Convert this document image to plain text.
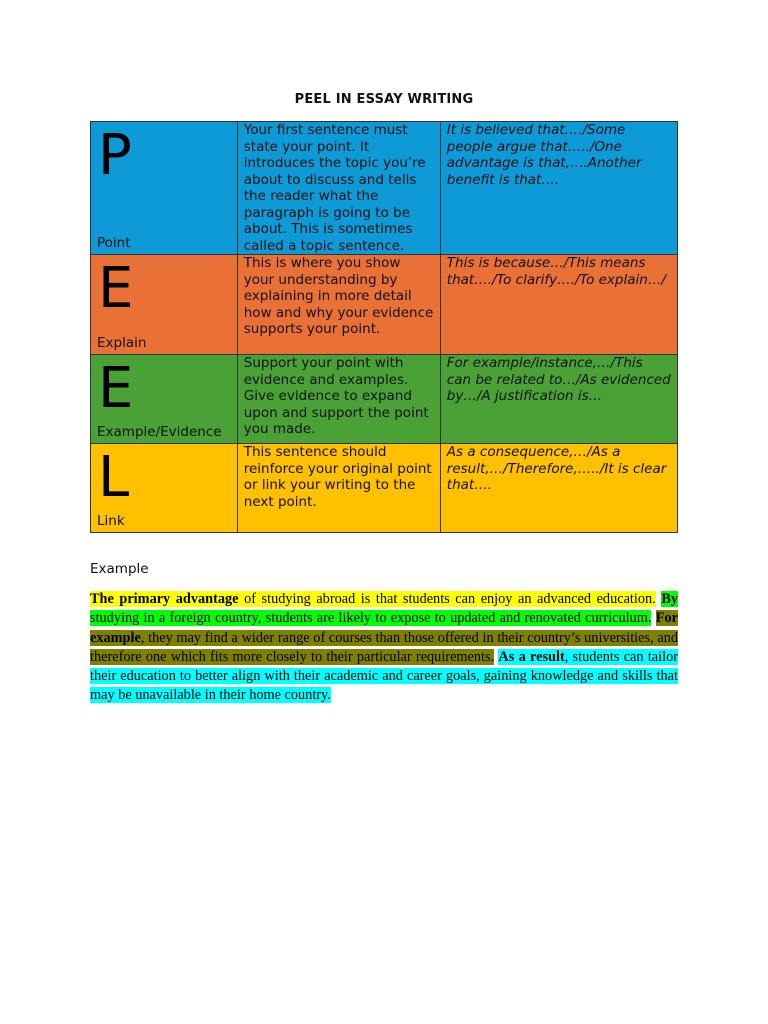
PEEL IN ESSAY WRITING
P
Point	Your first sentence must state your point. It introduces the topic you’re about to discuss and tells the reader what the paragraph is going to be about. This is sometimes called a topic sentence.	It is believed that…./Some people argue that…../One advantage is that,….Another benefit is that….

E
Explain	This is where you show your understanding by explaining in more detail how and why your evidence supports your point.	This is because…/This means that…./To clarify…./To explain…/

E
Example/Evidence	Support your point with evidence and examples. Give evidence to expand upon and support the point you made.	For example/instance,…/This can be related to…/As evidenced by…/A justification is…

L
Link	This sentence should reinforce your original point or link your writing to the next point.	As a consequence,…/As a result,…/Therefore,…../It is clear that….
Example

The primary advantage of studying abroad is that students can enjoy an advanced education. By studying in a foreign country, students are likely to expose to updated and renovated curriculum. For example, they may find a wider range of courses than those offered in their country’s universities, and therefore one which fits more closely to their particular requirements. As a result, students can tailor their education to better align with their academic and career goals, gaining knowledge and skills that may be unavailable in their home country.
